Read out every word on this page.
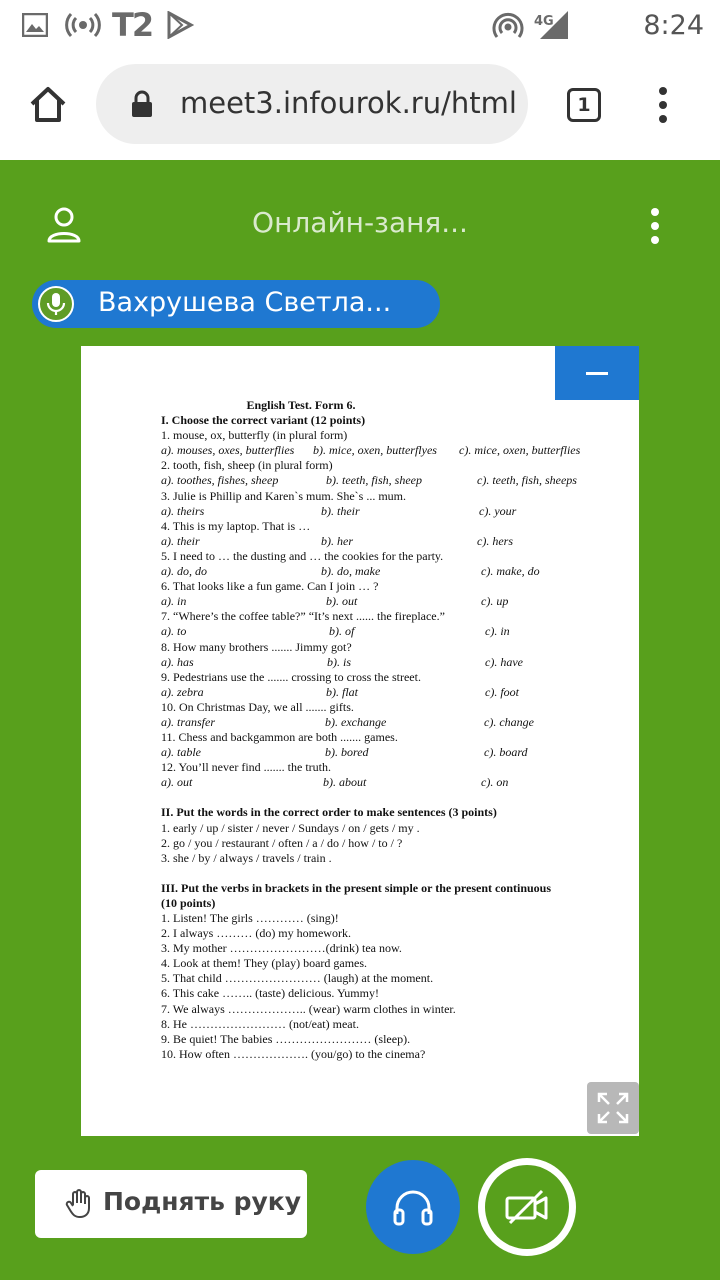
T2	4G	8:24
meet3.infourok.ru/html	1
Онлайн-заня...
Вахрушева Светла...
English Test. Form 6.
I. Choose the correct variant (12 points)
1. mouse, ox, butterfly (in plural form)
a). mouses, oxes, butterflies b). mice, oxen, butterflyes c). mice, oxen, butterflies
2. tooth, fish, sheep (in plural form)
a). toothes, fishes, sheep	b). teeth, fish, sheep	c). teeth, fish, sheeps
3. Julie is Phillip and Karen`s mum. She`s ... mum.
a). theirs	b). their	c). your
4. This is my laptop. That is …
a). their	b). her	c). hers
5. I need to … the dusting and … the cookies for the party.
a). do, do	b). do, make	c). make, do
6. That looks like a fun game. Can I join … ?
a). in	b). out	c). up
7. “Where’s the coffee table?” “It’s next ...... the fireplace.”
a). to	b). of	c). in
8. How many brothers ....... Jimmy got?
a). has	b). is	c). have
9. Pedestrians use the ....... crossing to cross the street.
a). zebra	b). flat	c). foot
10. On Christmas Day, we all ....... gifts.
a). transfer	b). exchange	c). change
11. Chess and backgammon are both ....... games.
a). table	b). bored	c). board
12. You’ll never find ....... the truth.
a). out	b). about	c). on
II. Put the words in the correct order to make sentences (3 points)
1. early / up / sister / never / Sundays / on / gets / my .
2. go / you / restaurant / often / a / do / how / to / ?
3. she / by / always / travels / train .
III. Put the verbs in brackets in the present simple or the present continuous
(10 points)
1. Listen! The girls ………… (sing)!
2. I always ……… (do) my homework.
3. My mother ……………………(drink) tea now.
4. Look at them! They (play) board games.
5. That child …………………… (laugh) at the moment.
6. This cake …….. (taste) delicious. Yummy!
7. We always ……………….. (wear) warm clothes in winter.
8. He …………………… (not/eat) meat.
9. Be quiet! The babies …………………… (sleep).
10. How often ………………. (you/go) to the cinema?
Поднять руку
